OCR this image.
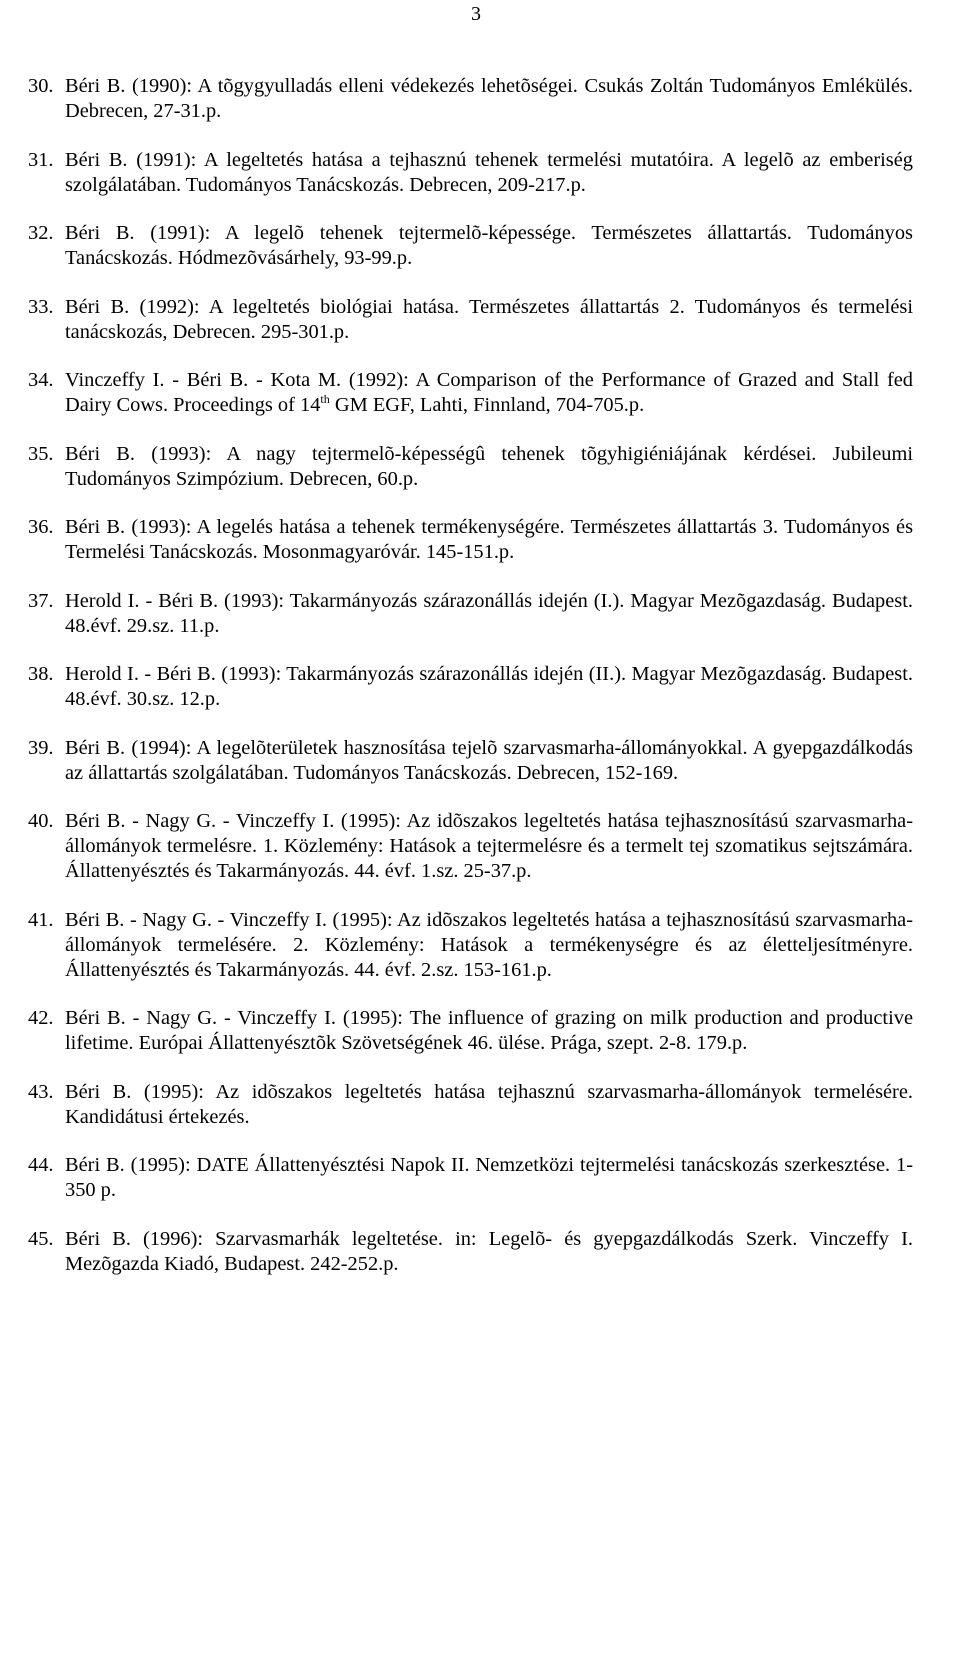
3
30. Béri B. (1990): A tõgygyulladás elleni védekezés lehetõségei. Csukás Zoltán Tudományos Emlékülés. Debrecen, 27-31.p.
31. Béri B. (1991): A legeltetés hatása a tejhasznú tehenek termelési mutatóira. A legelõ az emberiség szolgálatában. Tudományos Tanácskozás. Debrecen, 209-217.p.
32. Béri B. (1991): A legelõ tehenek tejtermelõ-képessége. Természetes állattartás. Tudományos Tanácskozás. Hódmezõvásárhely, 93-99.p.
33. Béri B. (1992): A legeltetés biológiai hatása. Természetes állattartás 2. Tudományos és termelési tanácskozás, Debrecen. 295-301.p.
34. Vinczeffy I. - Béri B. - Kota M. (1992): A Comparison of the Performance of Grazed and Stall fed Dairy Cows. Proceedings of 14th GM EGF, Lahti, Finnland, 704-705.p.
35. Béri B. (1993): A nagy tejtermelõ-képességû tehenek tõgyhigiéniájának kérdései. Jubileumi Tudományos Szimpózium. Debrecen, 60.p.
36. Béri B. (1993): A legelés hatása a tehenek termékenységére. Természetes állattartás 3. Tudományos és Termelési Tanácskozás. Mosonmagyaróvár. 145-151.p.
37. Herold I. - Béri B. (1993): Takarmányozás szárazonállás idején (I.). Magyar Mezõgazdaság. Budapest. 48.évf. 29.sz. 11.p.
38. Herold I. - Béri B. (1993): Takarmányozás szárazonállás idején (II.). Magyar Mezõgazdaság. Budapest. 48.évf. 30.sz. 12.p.
39. Béri B. (1994): A legelõterületek hasznosítása tejelõ szarvasmarha-állományokkal. A gyepgazdálkodás az állattartás szolgálatában. Tudományos Tanácskozás. Debrecen, 152-169.
40. Béri B. - Nagy G. - Vinczeffy I. (1995): Az idõszakos legeltetés hatása tejhasznosítású szarvasmarha-állományok termelésre. 1. Közlemény: Hatások a tejtermelésre és a termelt tej szomatikus sejtszámára. Állattenyésztés és Takarmányozás. 44. évf. 1.sz. 25-37.p.
41. Béri B. - Nagy G. - Vinczeffy I. (1995): Az idõszakos legeltetés hatása a tejhasznosítású szarvasmarha-állományok termelésére. 2. Közlemény: Hatások a termékenységre és az életteljesítményre. Állattenyésztés és Takarmányozás. 44. évf. 2.sz. 153-161.p.
42. Béri B. - Nagy G. - Vinczeffy I. (1995): The influence of grazing on milk production and productive lifetime. Európai Állattenyésztõk Szövetségének 46. ülése. Prága, szept. 2-8. 179.p.
43. Béri B. (1995): Az idõszakos legeltetés hatása tejhasznú szarvasmarha-állományok termelésére. Kandidátusi értekezés.
44. Béri B. (1995): DATE Állattenyésztési Napok II. Nemzetközi tejtermelési tanácskozás szerkesztése. 1-350 p.
45. Béri B. (1996): Szarvasmarhák legeltetése. in: Legelõ- és gyepgazdálkodás Szerk. Vinczeffy I. Mezõgazda Kiadó, Budapest. 242-252.p.
